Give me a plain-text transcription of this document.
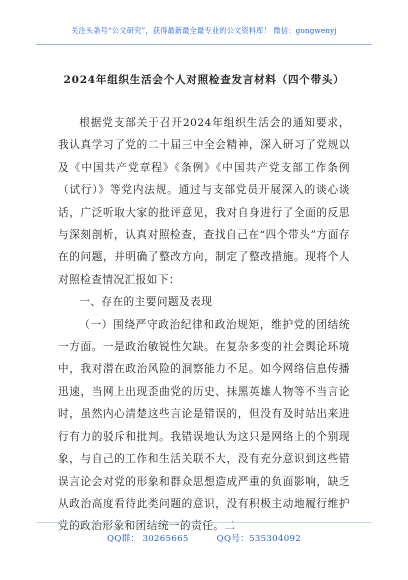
关注头条号“公文研究”，获得最新最全最专业的公文资料库！ 微信：gongwenyj
2024年组织生活会个人对照检查发言材料（四个带头）

根据党支部关于召开2024年组织生活会的通知要求，我认真学习了党的二十届三中全会精神，深入研习了党规以及《中国共产党章程》《条例》《中国共产党支部工作条例（试行）》等党内法规。通过与支部党员开展深入的谈心谈话，广泛听取大家的批评意见，我对自身进行了全面的反思与深刻剖析，认真对照检查，查找自己在“四个带头”方面存在的问题，并明确了整改方向，制定了整改措施。现将个人对照检查情况汇报如下：

一、存在的主要问题及表现

（一）围绕严守政治纪律和政治规矩，维护党的团结统一方面。一是政治敏锐性欠缺。在复杂多变的社会舆论环境中，我对潜在政治风险的洞察能力不足。如今网络信息传播迅速，当网上出现歪曲党的历史、抹黑英雄人物等不当言论时，虽然内心清楚这些言论是错误的，但没有及时站出来进行有力的驳斥和批判。我错误地认为这只是网络上的个别现象，与自己的工作和生活关联不大，没有充分意识到这些错误言论会对党的形象和群众思想造成严重的负面影响，缺乏从政治高度看待此类问题的意识，没有积极主动地履行维护党的政治形象和团结统一的责任。二

QQ群： 30265665	QQ号：535304092
